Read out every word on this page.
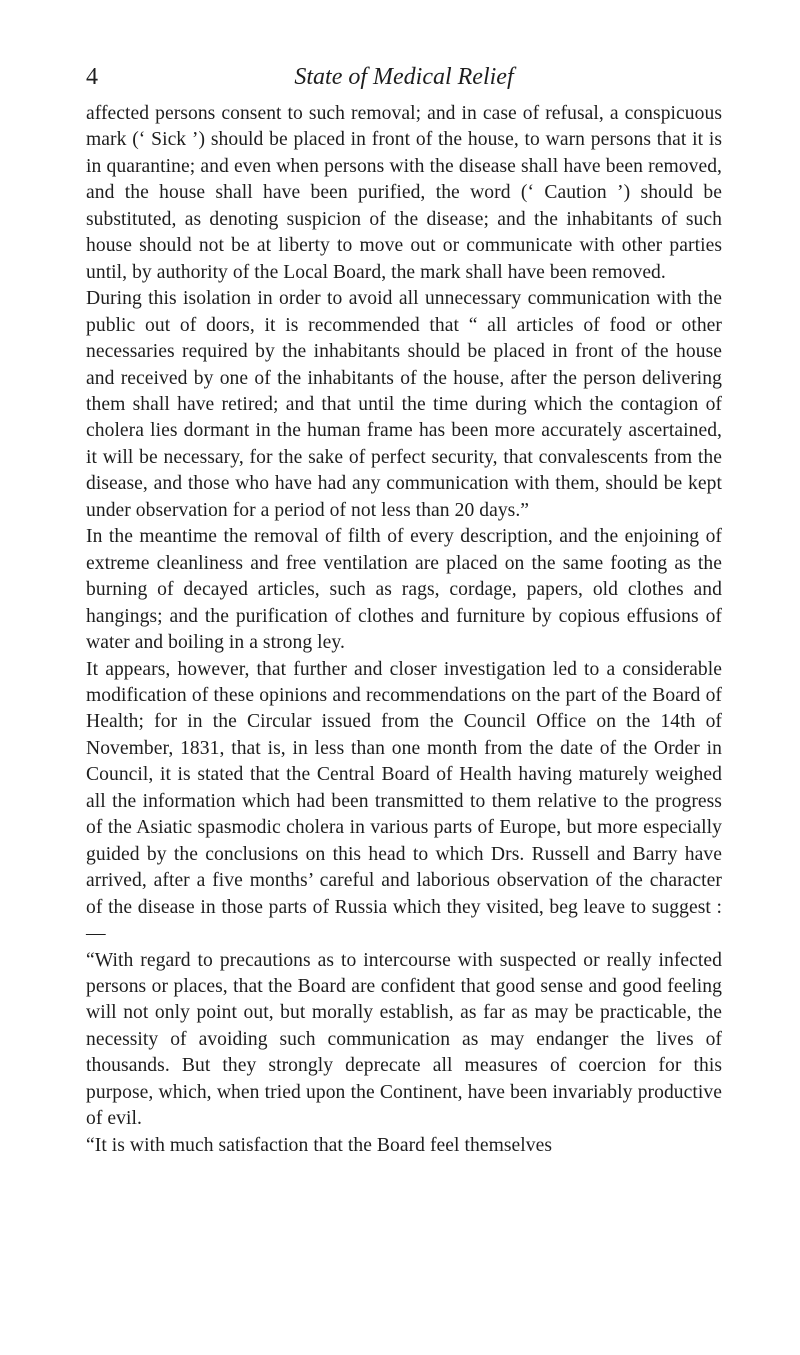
4	State of Medical Relief

affected persons consent to such removal; and in case of refusal, a conspicuous mark (‘ Sick ’) should be placed in front of the house, to warn persons that it is in quarantine; and even when persons with the disease shall have been removed, and the house shall have been purified, the word (‘ Caution ’) should be substituted, as denoting suspicion of the disease; and the inhabitants of such house should not be at liberty to move out or communicate with other parties until, by authority of the Local Board, the mark shall have been removed.

During this isolation in order to avoid all unnecessary communication with the public out of doors, it is recommended that “ all articles of food or other necessaries required by the inhabitants should be placed in front of the house and received by one of the inhabitants of the house, after the person delivering them shall have retired; and that until the time during which the contagion of cholera lies dormant in the human frame has been more accurately ascertained, it will be necessary, for the sake of perfect security, that convalescents from the disease, and those who have had any communication with them, should be kept under observation for a period of not less than 20 days.”

In the meantime the removal of filth of every description, and the enjoining of extreme cleanliness and free ventilation are placed on the same footing as the burning of decayed articles, such as rags, cordage, papers, old clothes and hangings; and the purification of clothes and furniture by copious effusions of water and boiling in a strong ley.

It appears, however, that further and closer investigation led to a considerable modification of these opinions and recommendations on the part of the Board of Health; for in the Circular issued from the Council Office on the 14th of November, 1831, that is, in less than one month from the date of the Order in Council, it is stated that the Central Board of Health having maturely weighed all the information which had been transmitted to them relative to the progress of the Asiatic spasmodic cholera in various parts of Europe, but more especially guided by the conclusions on this head to which Drs. Russell and Barry have arrived, after a five months’ careful and laborious observation of the character of the disease in those parts of Russia which they visited, beg leave to suggest :—

“With regard to precautions as to intercourse with suspected or really infected persons or places, that the Board are confident that good sense and good feeling will not only point out, but morally establish, as far as may be practicable, the necessity of avoiding such communication as may endanger the lives of thousands. But they strongly deprecate all measures of coercion for this purpose, which, when tried upon the Continent, have been invariably productive of evil.

“It is with much satisfaction that the Board feel themselves
